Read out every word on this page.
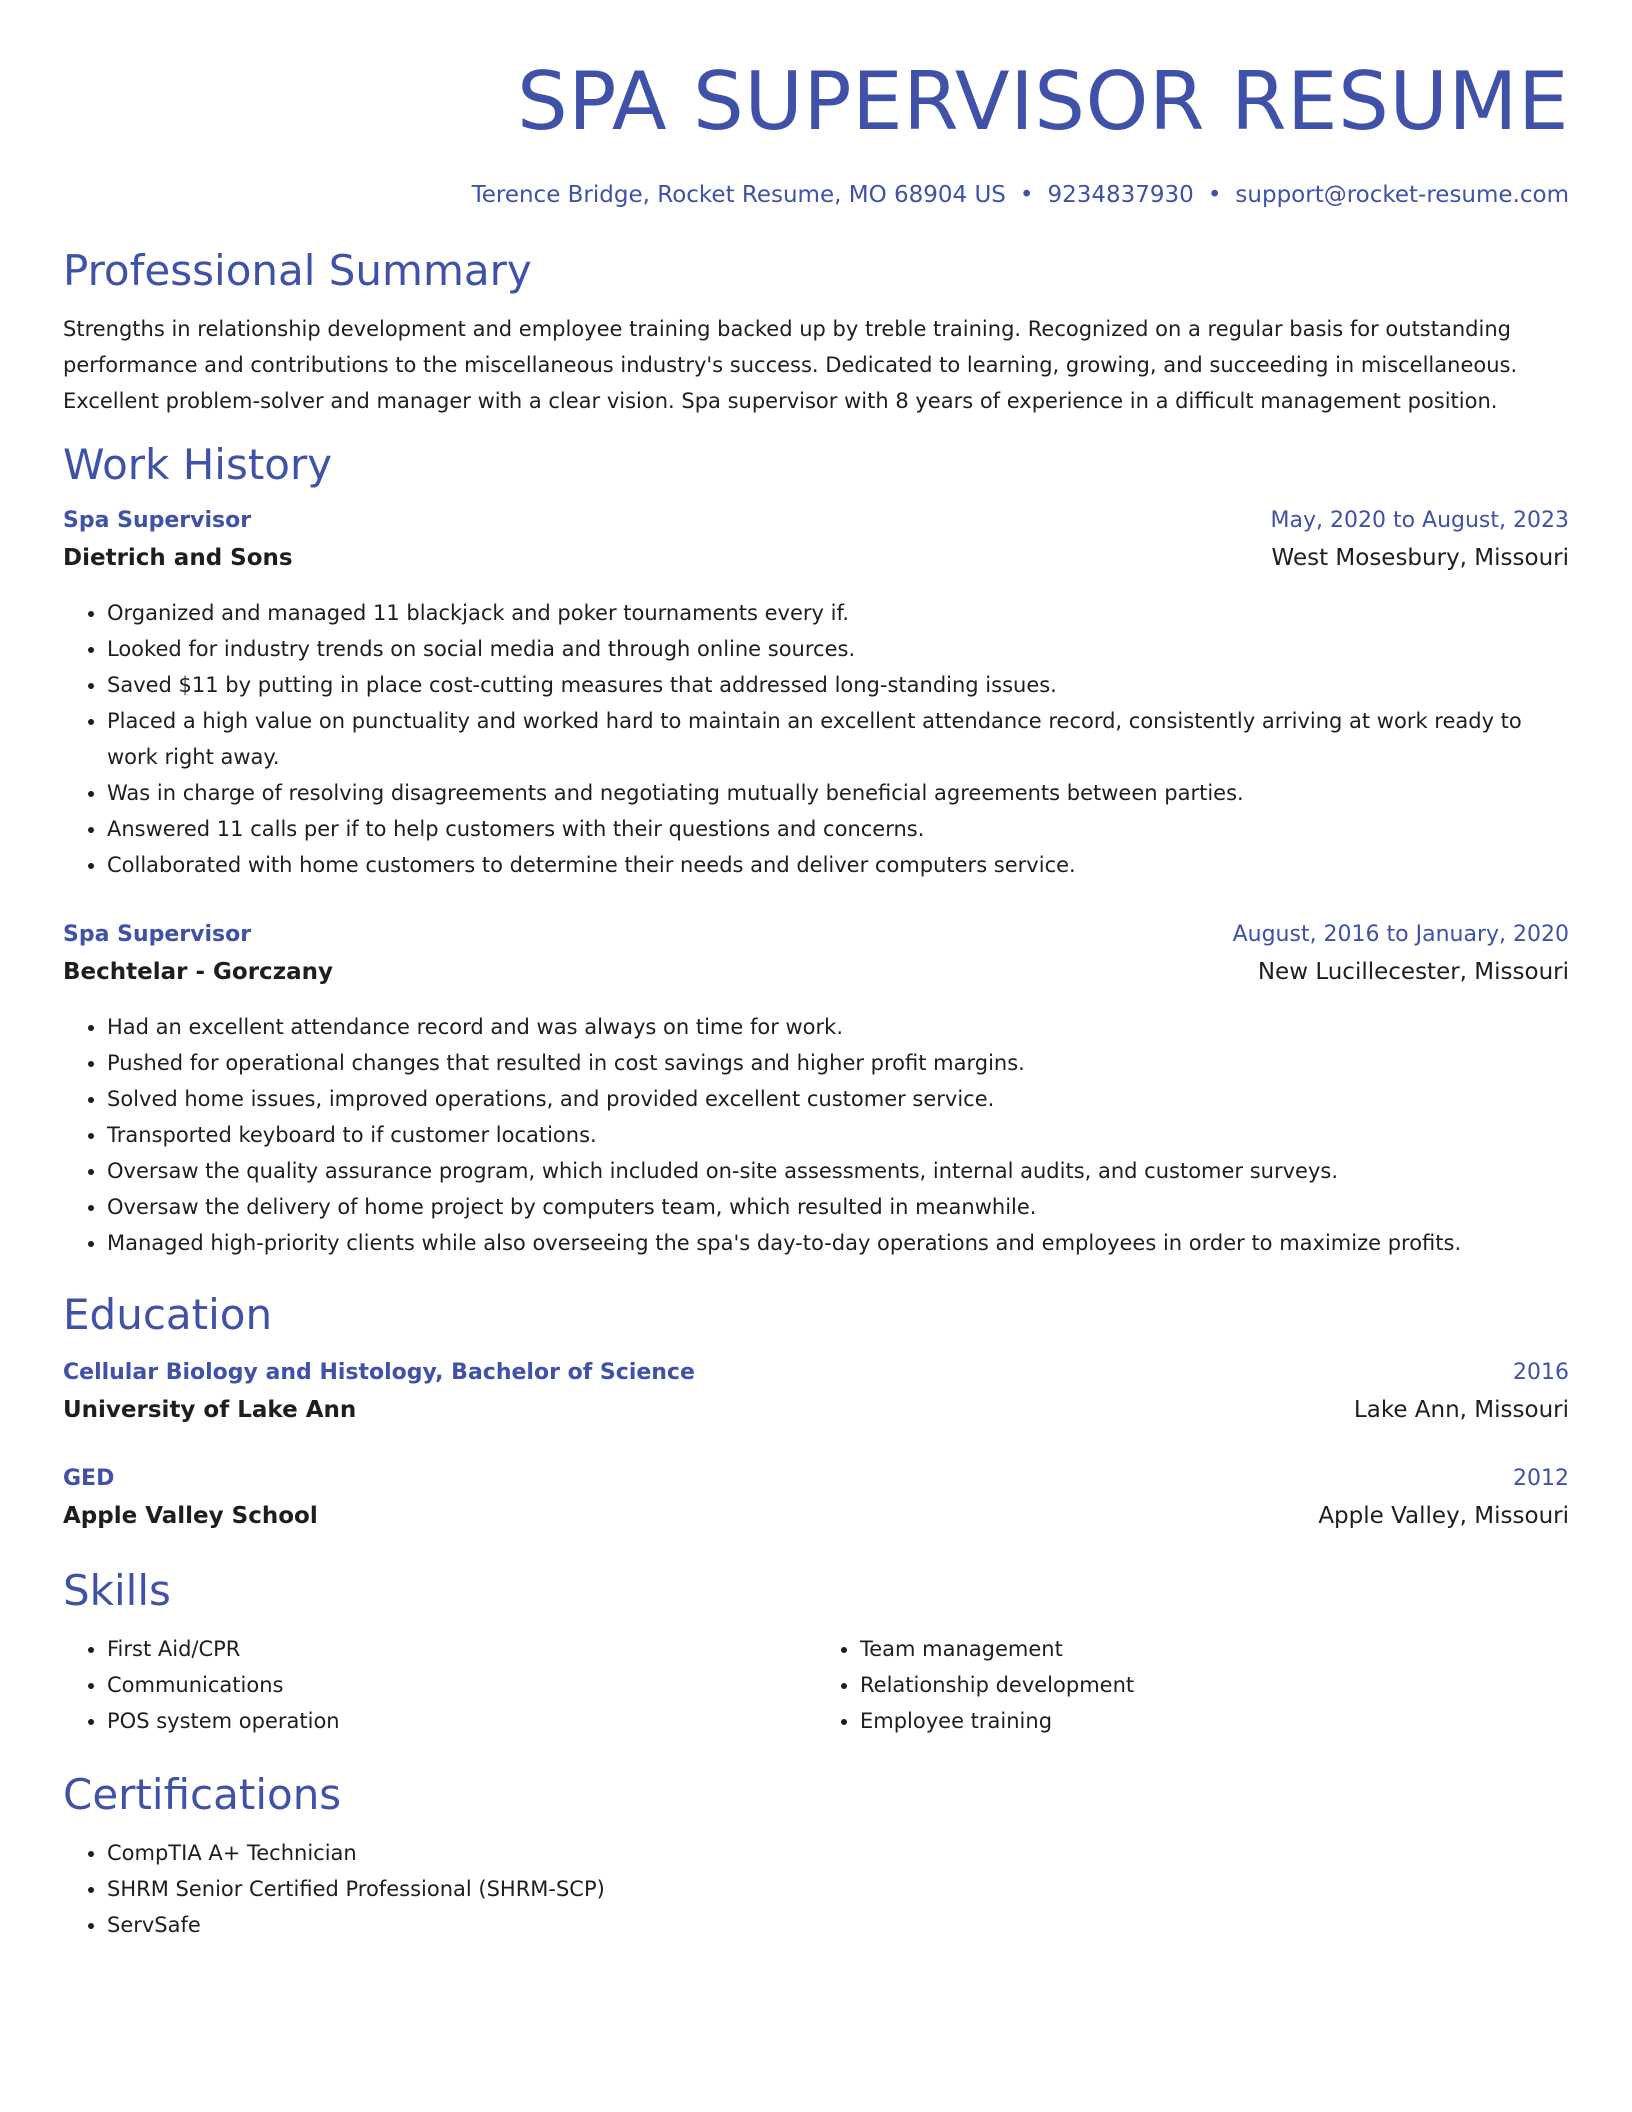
SPA SUPERVISOR RESUME
Terence Bridge, Rocket Resume, MO 68904 US • 9234837930 • support@rocket-resume.com
Professional Summary

Strengths in relationship development and employee training backed up by treble training. Recognized on a regular basis for outstanding performance and contributions to the miscellaneous industry's success. Dedicated to learning, growing, and succeeding in miscellaneous. Excellent problem-solver and manager with a clear vision. Spa supervisor with 8 years of experience in a difficult management position.

Work History
Spa Supervisor	May, 2020 to August, 2023
Dietrich and Sons	West Mosesbury, Missouri
• Organized and managed 11 blackjack and poker tournaments every if.
• Looked for industry trends on social media and through online sources.
• Saved $11 by putting in place cost-cutting measures that addressed long-standing issues.
• Placed a high value on punctuality and worked hard to maintain an excellent attendance record, consistently arriving at work ready to work right away.
• Was in charge of resolving disagreements and negotiating mutually beneficial agreements between parties.
• Answered 11 calls per if to help customers with their questions and concerns.
• Collaborated with home customers to determine their needs and deliver computers service.
Spa Supervisor	August, 2016 to January, 2020
Bechtelar - Gorczany	New Lucillecester, Missouri
• Had an excellent attendance record and was always on time for work.
• Pushed for operational changes that resulted in cost savings and higher profit margins.
• Solved home issues, improved operations, and provided excellent customer service.
• Transported keyboard to if customer locations.
• Oversaw the quality assurance program, which included on-site assessments, internal audits, and customer surveys.
• Oversaw the delivery of home project by computers team, which resulted in meanwhile.
• Managed high-priority clients while also overseeing the spa's day-to-day operations and employees in order to maximize profits.
Education
Cellular Biology and Histology, Bachelor of Science	2016
University of Lake Ann	Lake Ann, Missouri
GED	2012
Apple Valley School	Apple Valley, Missouri
Skills
• First Aid/CPR
• Communications
• POS system operation
• Team management
• Relationship development
• Employee training
Certifications
• CompTIA A+ Technician
• SHRM Senior Certified Professional (SHRM-SCP)
• ServSafe
